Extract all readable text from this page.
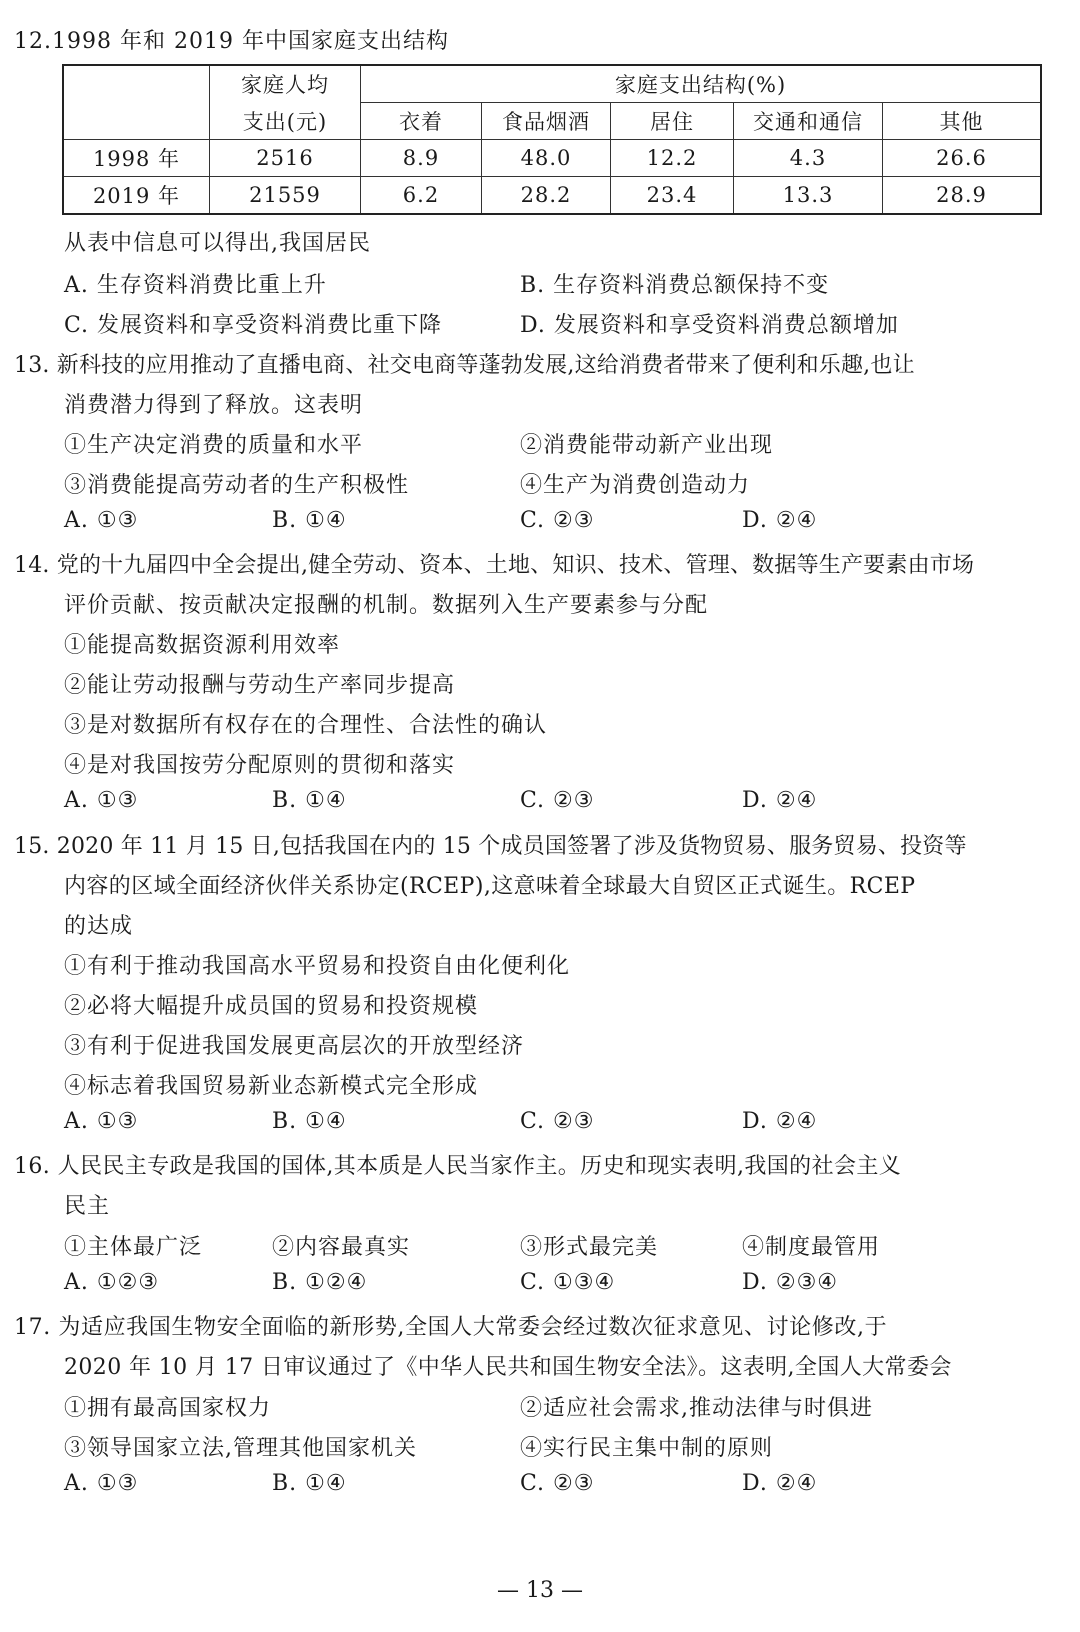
12.1998 年和 2019 年中国家庭支出结构
	家庭人均	家庭支出结构(%)				
	支出(元)	衣着	食品烟酒	居住	交通和通信	其他
1998 年	2516	8.9	48.0	12.2	4.3	26.6
2019 年	21559	6.2	28.2	23.4	13.3	28.9
从表中信息可以得出,我国居民
A. 生存资料消费比重上升	B. 生存资料消费总额保持不变
C. 发展资料和享受资料消费比重下降	D. 发展资料和享受资料消费总额增加
13. 新科技的应用推动了直播电商、社交电商等蓬勃发展,这给消费者带来了便利和乐趣,也让
消费潜力得到了释放。这表明
①生产决定消费的质量和水平	②消费能带动新产业出现
③消费能提高劳动者的生产积极性	④生产为消费创造动力
A. ①③	B. ①④	C. ②③	D. ②④
14. 党的十九届四中全会提出,健全劳动、资本、土地、知识、技术、管理、数据等生产要素由市场
评价贡献、按贡献决定报酬的机制。数据列入生产要素参与分配
①能提高数据资源利用效率
②能让劳动报酬与劳动生产率同步提高
③是对数据所有权存在的合理性、合法性的确认
④是对我国按劳分配原则的贯彻和落实
A. ①③	B. ①④	C. ②③	D. ②④
15. 2020 年 11 月 15 日,包括我国在内的 15 个成员国签署了涉及货物贸易、服务贸易、投资等
内容的区域全面经济伙伴关系协定(RCEP),这意味着全球最大自贸区正式诞生。RCEP
的达成
①有利于推动我国高水平贸易和投资自由化便利化
②必将大幅提升成员国的贸易和投资规模
③有利于促进我国发展更高层次的开放型经济
④标志着我国贸易新业态新模式完全形成
A. ①③	B. ①④	C. ②③	D. ②④
16. 人民民主专政是我国的国体,其本质是人民当家作主。历史和现实表明,我国的社会主义
民主
①主体最广泛	②内容最真实	③形式最完美	④制度最管用
A. ①②③	B. ①②④	C. ①③④	D. ②③④
17. 为适应我国生物安全面临的新形势,全国人大常委会经过数次征求意见、讨论修改,于
2020 年 10 月 17 日审议通过了《中华人民共和国生物安全法》。这表明,全国人大常委会
①拥有最高国家权力	②适应社会需求,推动法律与时俱进
③领导国家立法,管理其他国家机关	④实行民主集中制的原则
A. ①③	B. ①④	C. ②③	D. ②④
— 13 —
